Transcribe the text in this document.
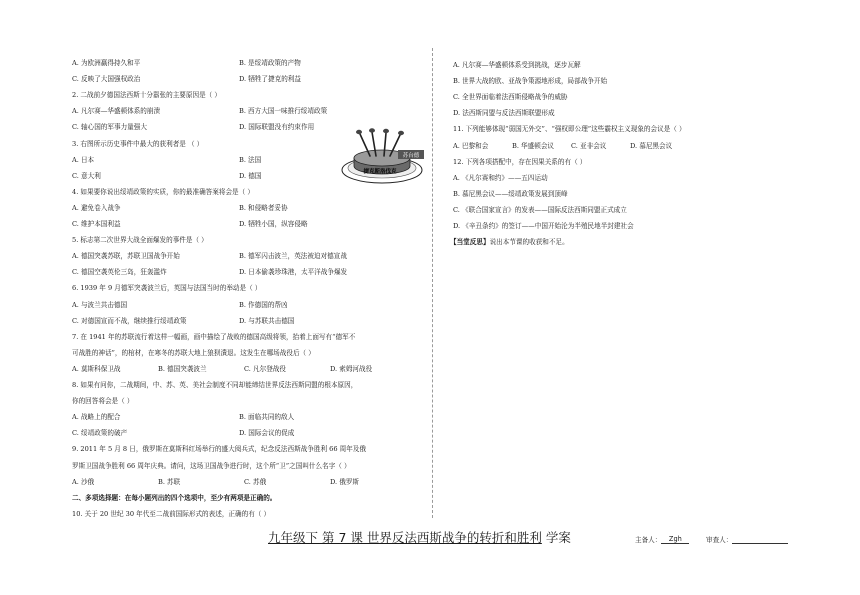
A. 为欧洲赢得持久和平	B. 是绥靖政策的产物
C. 反映了大国强权政治	D. 牺牲了捷克的利益
2. 二战前夕德国法西斯十分嚣张的主要原因是（ ）
A. 凡尔赛—华盛顿体系的崩溃	B. 西方大国一味推行绥靖政策
C. 轴心国的军事力量强大	D. 国际联盟没有约束作用
3. 右图所示历史事件中最大的获利者是 （ ）
A. 日本	B. 法国
C. 意大利	D. 德国
4. 如果要你说出绥靖政策的实质，你的最准确答案将会是（ ）
A. 避免卷入战争	B. 和侵略者妥协
C. 维护本国利益	D. 牺牲小国，纵容侵略
5. 标志第二次世界大战全面爆发的事件是（ ）
A. 德国突袭苏联，苏联卫国战争开始	B. 德军闪击波兰，英法被迫对德宣战
C. 德国空袭英伦三岛，狂轰滥炸	D. 日本偷袭珍珠港，太平洋战争爆发
6. 1939 年 9 月德军突袭波兰后，英国与法国当时的举动是（ ）
A. 与波兰共击德国	B. 作德国的帮凶
C. 对德国宣而不战，继续推行绥靖政策	D. 与苏联共击德国
7. 在 1941 年的苏联流行着这样一幅画，画中描绘了战败的德国高级将领，抬着上面写有“德军不
可战胜的神话”，的棺材，在寒冬的苏联大地上狼狈潰退。这发生在哪场战役后（ ）
A. 莫斯科保卫战	B. 德国突袭波兰	C. 凡尔登战役	D. 索姆河战役
8. 如果有问你，二战期间，中、苏、英、美社会制度不同却能缔结世界反法西斯同盟的根本原因，
你的回答将会是（ ）
A. 战略上的配合	B. 面临共同的敌人
C. 绥靖政策的破产	D. 国际会议的促成
9. 2011 年 5 月 8 日，俄罗斯在莫斯科红场举行的盛大阅兵式，纪念反法西斯战争胜利 66 周年及俄
罗斯卫国战争胜利 66 周年庆典。请问，这场卫国战争进行时，这个所“卫”之国叫什么名字（ ）
A. 沙俄	B. 苏联	C. 苏俄	D. 俄罗斯
二、多项选择题：在每小题列出的四个选项中，至少有两项是正确的。
10. 关于 20 世纪 30 年代至二战前国际形式的表述，正确的有（ ）
A. 凡尔赛—华盛顿体系受到挑战，逐步瓦解
B. 世界大战的欧、亚战争策源地形成，局部战争开始
C. 全世界面临着法西斯侵略战争的威胁
D. 法西斯同盟与反法西斯联盟形成
11. 下列能够体现“弱国无外交”、“强权即公理”这些霸权主义现象的会议是（ ）
A. 巴黎和会	B. 华盛顿会议	C. 亚非会议	D. 慕尼黑会议
12. 下列各项搭配中，存在因果关系的有（ ）
A. 《凡尔赛和约》——五四运动
B. 慕尼黑会议——绥靖政策发展到顶峰
C. 《联合国家宣言》的发表——国际反法西斯同盟正式成立
D. 《辛丑条约》的签订——中国开始沦为半殖民地半封建社会
【当堂反思】说出本节课的收获和不足。
苏台德
捷克斯洛伐克
九年级下 第 7 课 世界反法西斯战争的转折和胜利 学案	主备人： Zgh	审查人：
